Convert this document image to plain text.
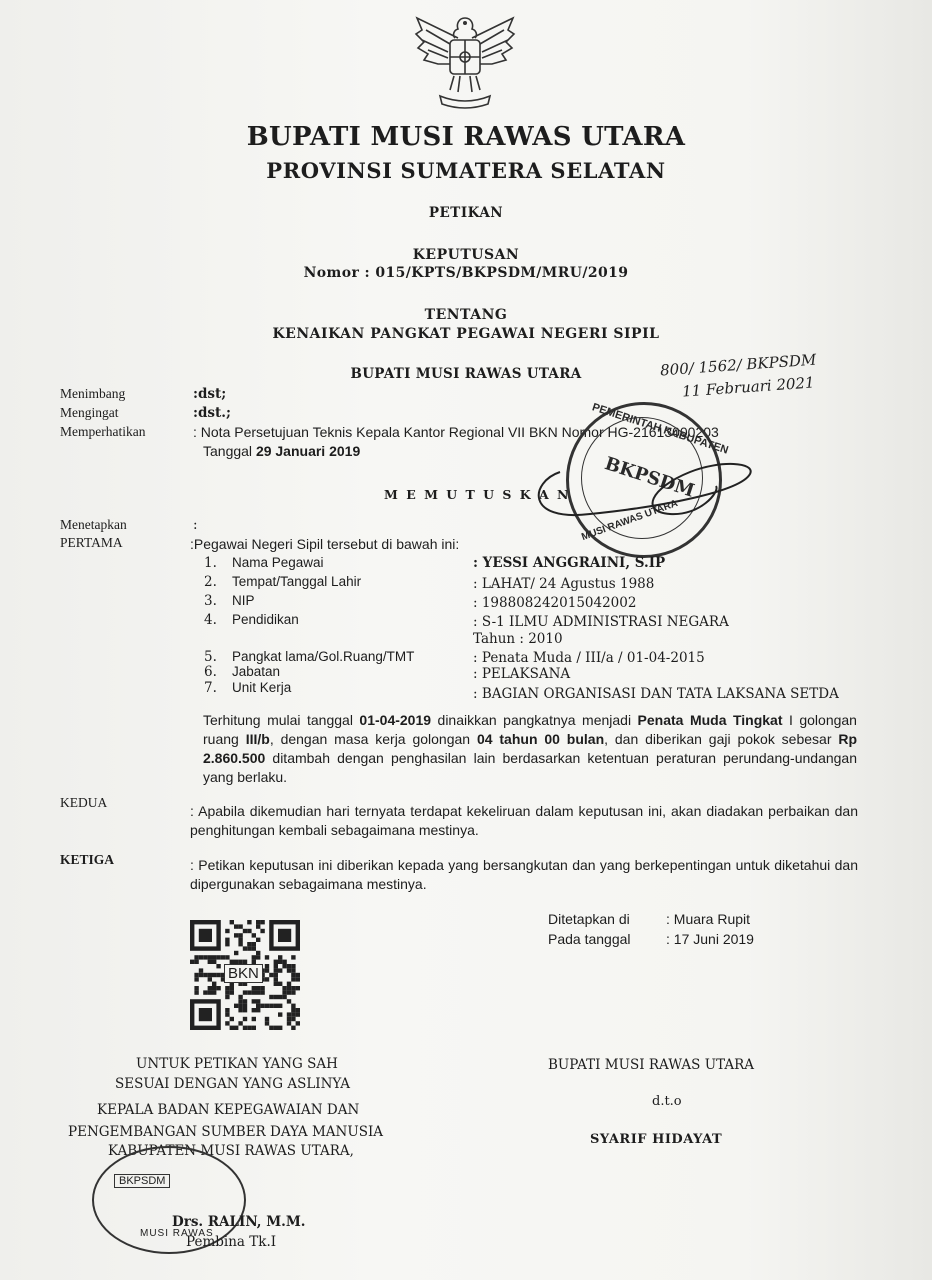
BUPATI MUSI RAWAS UTARA
PROVINSI SUMATERA SELATAN
PETIKAN
KEPUTUSAN
Nomor : 015/KPTS/BKPSDM/MRU/2019
TENTANG
KENAIKAN PANGKAT PEGAWAI NEGERI SIPIL
BUPATI MUSI RAWAS UTARA	800/ 1562/ BKPSDM
11 Februari 2021
Menimbang	:dst;
Mengingat	:dst.;
Memperhatikan	: Nota Persetujuan Teknis Kepala Kantor Regional VII BKN Nomor HG-21613000203
Tanggal 29 Januari 2019
M E M U T U S K A N
PEMERINTAH KABUPATEN
BKPSDM
MUSI RAWAS UTARA
Menetapkan	:
PERTAMA	:Pegawai Negeri Sipil tersebut di bawah ini:
1.	Nama Pegawai	: YESSI ANGGRAINI, S.IP
2.	Tempat/Tanggal Lahir	: LAHAT/ 24 Agustus 1988
3.	NIP	: 198808242015042002
4.	Pendidikan	: S-1 ILMU ADMINISTRASI NEGARA
Tahun : 2010
5.	Pangkat lama/Gol.Ruang/TMT	: Penata Muda / III/a / 01-04-2015
6.	Jabatan	: PELAKSANA
7.	Unit Kerja	: BAGIAN ORGANISASI DAN TATA LAKSANA SETDA
Terhitung mulai tanggal 01-04-2019 dinaikkan pangkatnya menjadi Penata Muda Tingkat I golongan ruang III/b, dengan masa kerja golongan 04 tahun 00 bulan, dan diberikan gaji pokok sebesar Rp 2.860.500 ditambah dengan penghasilan lain berdasarkan ketentuan peraturan perundang-undangan yang berlaku.
KEDUA
: Apabila dikemudian hari ternyata terdapat kekeliruan dalam keputusan ini, akan diadakan perbaikan dan penghitungan kembali sebagaimana mestinya.
KETIGA	: Petikan keputusan ini diberikan kepada yang bersangkutan dan yang berkepentingan untuk diketahui dan dipergunakan sebagaimana mestinya.
Ditetapkan di	: Muara Rupit
Pada tanggal	: 17 Juni 2019
BKN
UNTUK PETIKAN YANG SAH
SESUAI DENGAN YANG ASLINYA
KEPALA BADAN KEPEGAWAIAN DAN
PENGEMBANGAN SUMBER DAYA MANUSIA
KABUPATEN MUSI RAWAS UTARA,
BKPSDM
MUSI RAWAS
Drs. RALIN, M.M.
Pembina Tk.I
BUPATI MUSI RAWAS UTARA
d.t.o
SYARIF HIDAYAT
